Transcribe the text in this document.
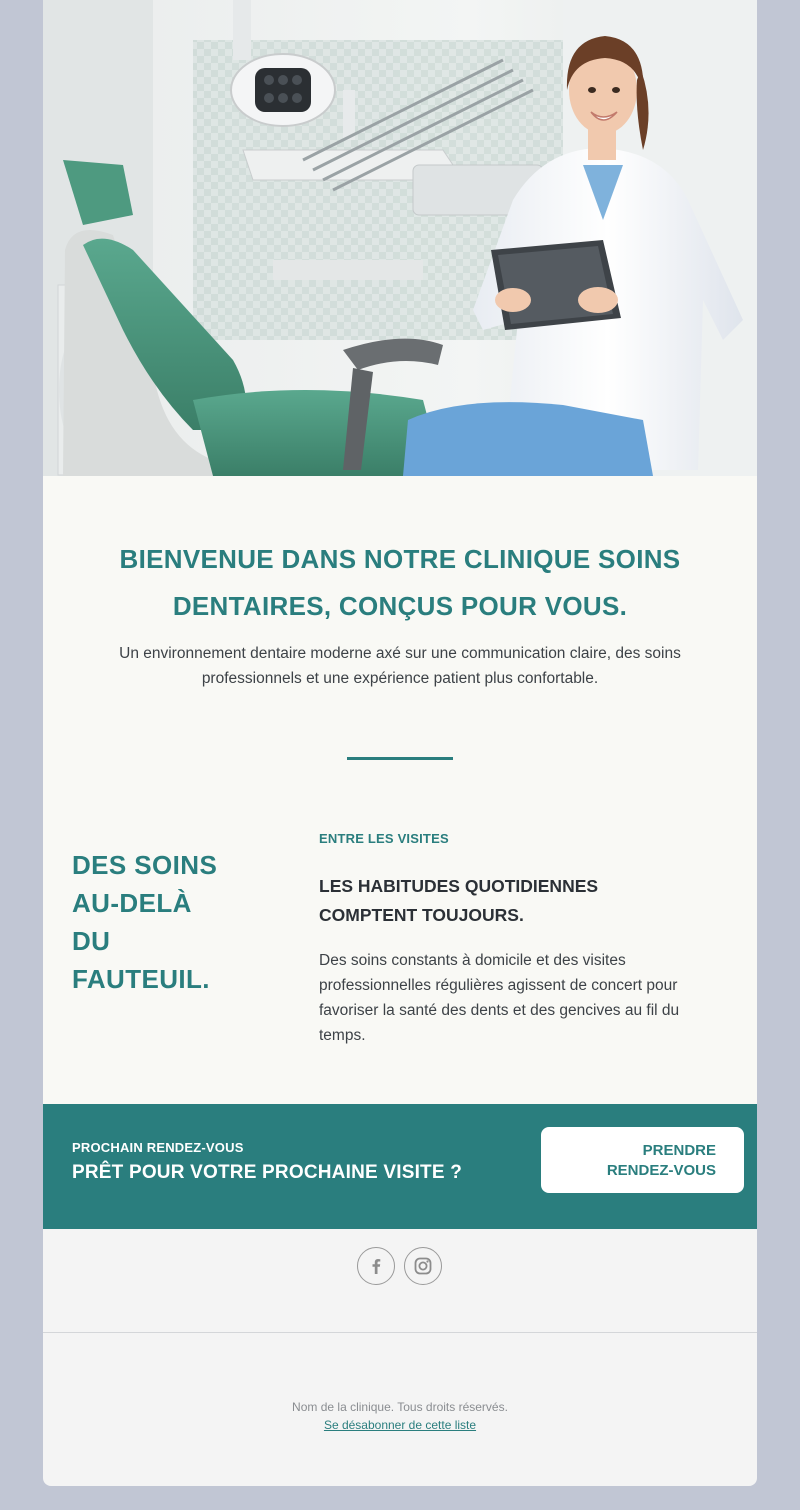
BIENVENUE DANS NOTRE CLINIQUE SOINS DENTAIRES, CONÇUS POUR VOUS.
Un environnement dentaire moderne axé sur une communication claire, des soins professionnels et une expérience patient plus confortable.
DES SOINS
AU-DELÀ
DU
FAUTEUIL.
ENTRE LES VISITES
LES HABITUDES QUOTIDIENNES COMPTENT TOUJOURS.
Des soins constants à domicile et des visites professionnelles régulières agissent de concert pour favoriser la santé des dents et des gencives au fil du temps.
PROCHAIN RENDEZ-VOUS
PRÊT POUR VOTRE PROCHAINE VISITE ?
PRENDRE
RENDEZ-VOUS
Nom de la clinique. Tous droits réservés.
Se désabonner de cette liste
